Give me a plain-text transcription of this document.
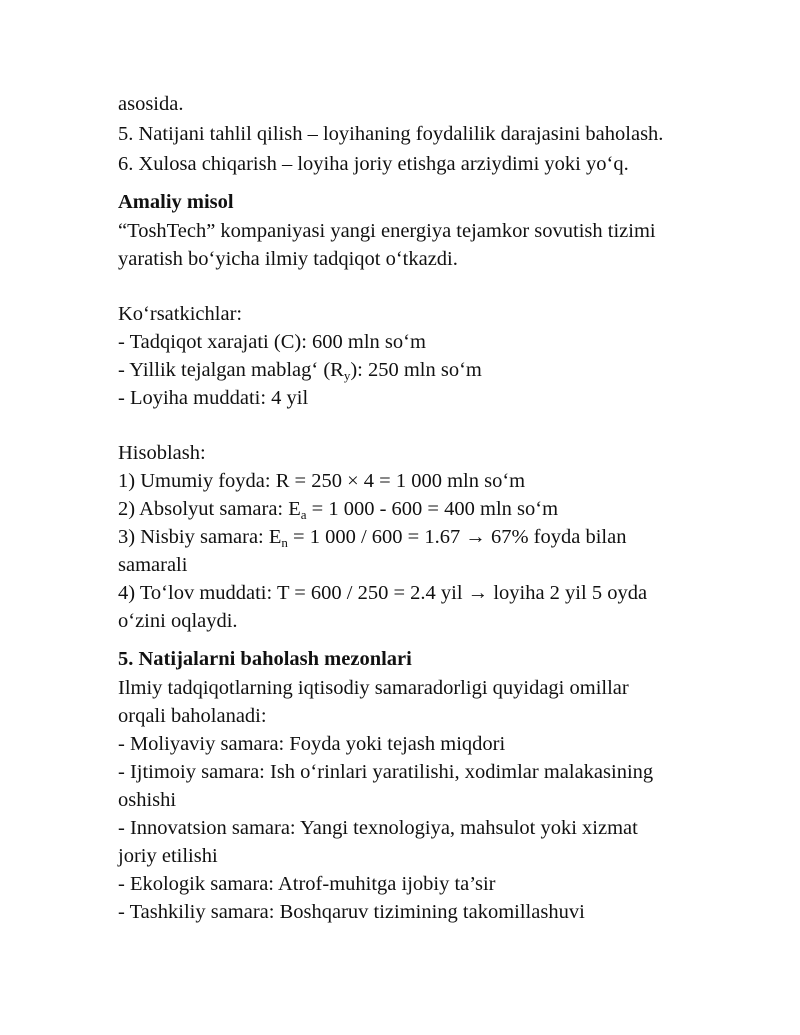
asosida.
5. Natijani tahlil qilish – loyihaning foydalilik darajasini baholash.
6. Xulosa chiqarish – loyiha joriy etishga arziydimi yoki yo‘q.
Amaliy misol
“ToshTech” kompaniyasi yangi energiya tejamkor sovutish tizimi
yaratish bo‘yicha ilmiy tadqiqot o‘tkazdi.
Ko‘rsatkichlar:
- Tadqiqot xarajati (C): 600 mln so‘m
- Yillik tejalgan mablag‘ $(R_y)$: 250 mln so‘m
- Loyiha muddati: 4 yil
Hisoblash:
1) Umumiy foyda: R = 250 × 4 = 1 000 mln so‘m
2) Absolyut samara: $E_a = 1$ 000 - 600 = 400 mln so‘m
3) Nisbiy samara: $E_n = 1$ 000 / 600 = 1.67 → 67% foyda bilan
samarali
4) To‘lov muddati: T = 600 / 250 = 2.4 yil → loyiha 2 yil 5 oyda
o‘zini oqlaydi.
5. Natijalarni baholash mezonlari
Ilmiy tadqiqotlarning iqtisodiy samaradorligi quyidagi omillar
orqali baholanadi:
- Moliyaviy samara: Foyda yoki tejash miqdori
- Ijtimoiy samara: Ish o‘rinlari yaratilishi, xodimlar malakasining
oshishi
- Innovatsion samara: Yangi texnologiya, mahsulot yoki xizmat
joriy etilishi
- Ekologik samara: Atrof-muhitga ijobiy ta’sir
- Tashkiliy samara: Boshqaruv tizimining takomillashuvi
